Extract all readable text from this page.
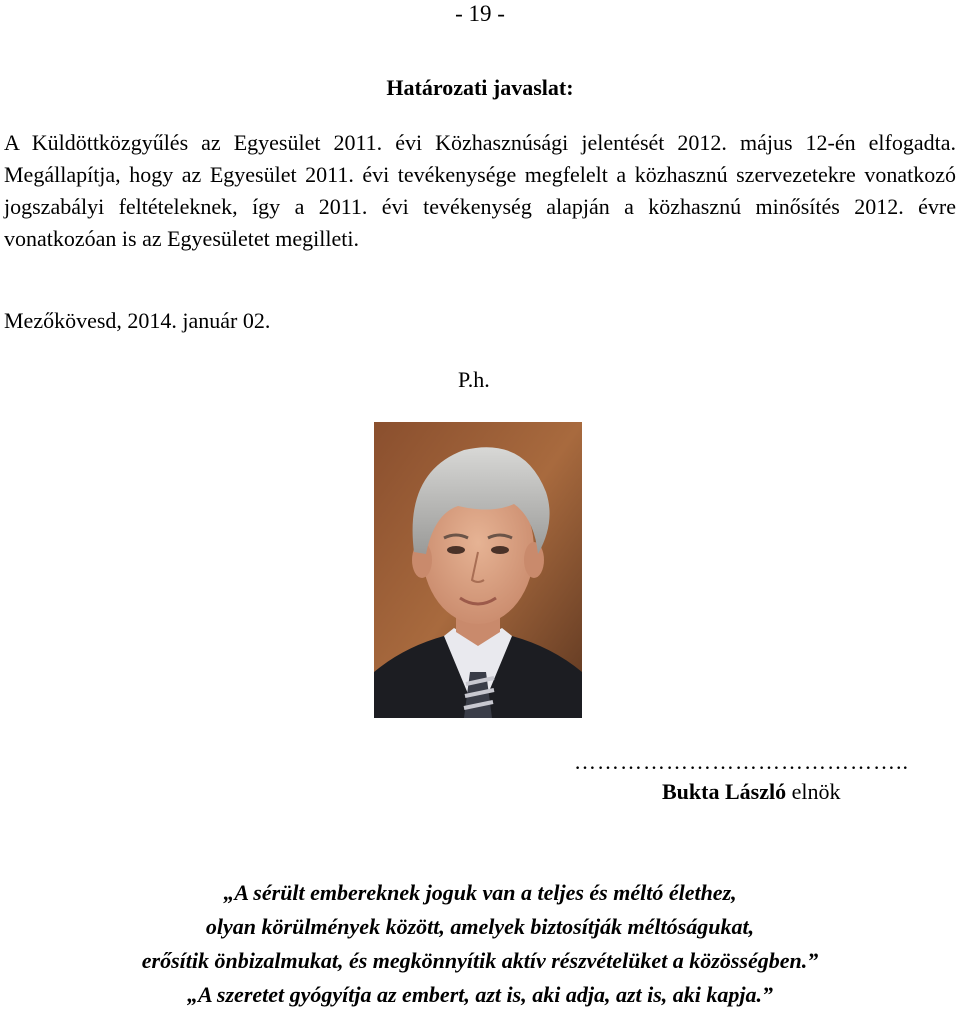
- 19 -
Határozati javaslat:
A Küldöttközgyűlés az Egyesület 2011. évi Közhasznúsági jelentését 2012. május 12-én elfogadta. Megállapítja, hogy az Egyesület 2011. évi tevékenysége megfelelt a közhasznú szervezetekre vonatkozó jogszabályi feltételeknek, így a 2011. évi tevékenység alapján a közhasznú minősítés 2012. évre vonatkozóan is az Egyesületet megilleti.
Mezőkövesd, 2014. január 02.
P.h.
……………………………………..
Bukta László elnök
„A sérült embereknek joguk van a teljes és méltó élethez,
olyan körülmények között, amelyek biztosítják méltóságukat,
erősítik önbizalmukat, és megkönnyítik aktív részvételüket a közösségben.”
„A szeretet gyógyítja az embert, azt is, aki adja, azt is, aki kapja.”
